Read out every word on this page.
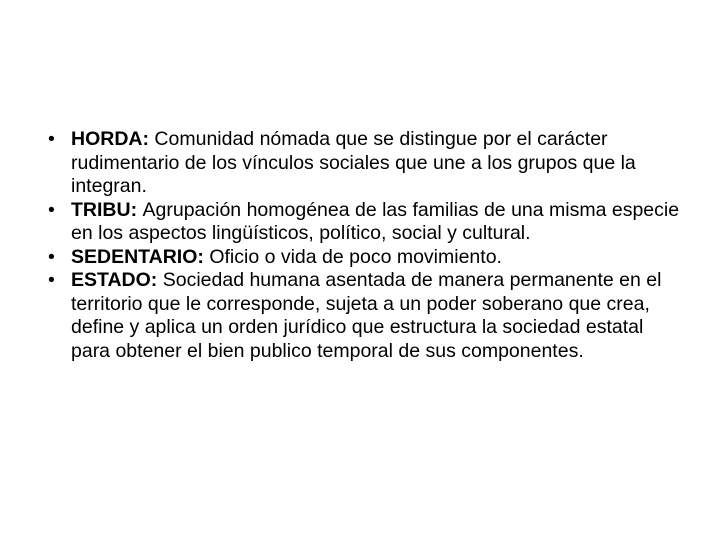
• HORDA: Comunidad nómada que se distingue por el carácter rudimentario de los vínculos sociales que une a los grupos que la integran.
• TRIBU: Agrupación homogénea de las familias de una misma especie en los aspectos lingüísticos, político, social y cultural.
• SEDENTARIO: Oficio o vida de poco movimiento.
• ESTADO: Sociedad humana asentada de manera permanente en el territorio que le corresponde, sujeta a un poder soberano que crea, define y aplica un orden jurídico que estructura la sociedad estatal para obtener el bien publico temporal de sus componentes.
